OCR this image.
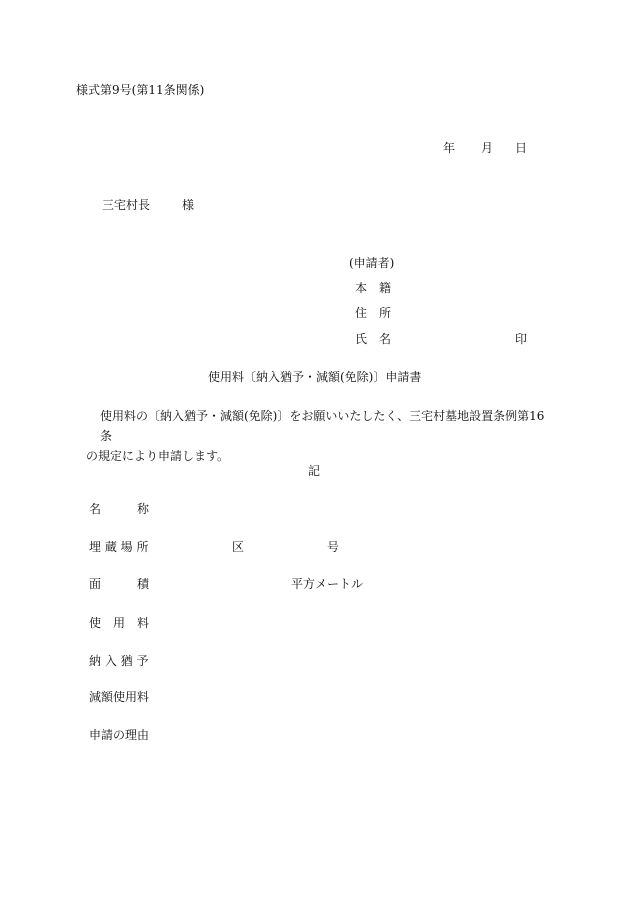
様式第9号(第11条関係)
年 月 日
三宅村長	様
(申請者)
本　籍
住　所
氏　名	印
使用料〔納入猶予・減額(免除)〕申請書
使用料の〔納入猶予・減額(免除)〕をお願いいたしたく、三宅村墓地設置条例第16条
の規定により申請します。
記
名　　　称
埋 蔵 場 所	区	号
面　　　積	平方メートル
使　用　料
納 入 猶 予
減額使用料
申請の理由
